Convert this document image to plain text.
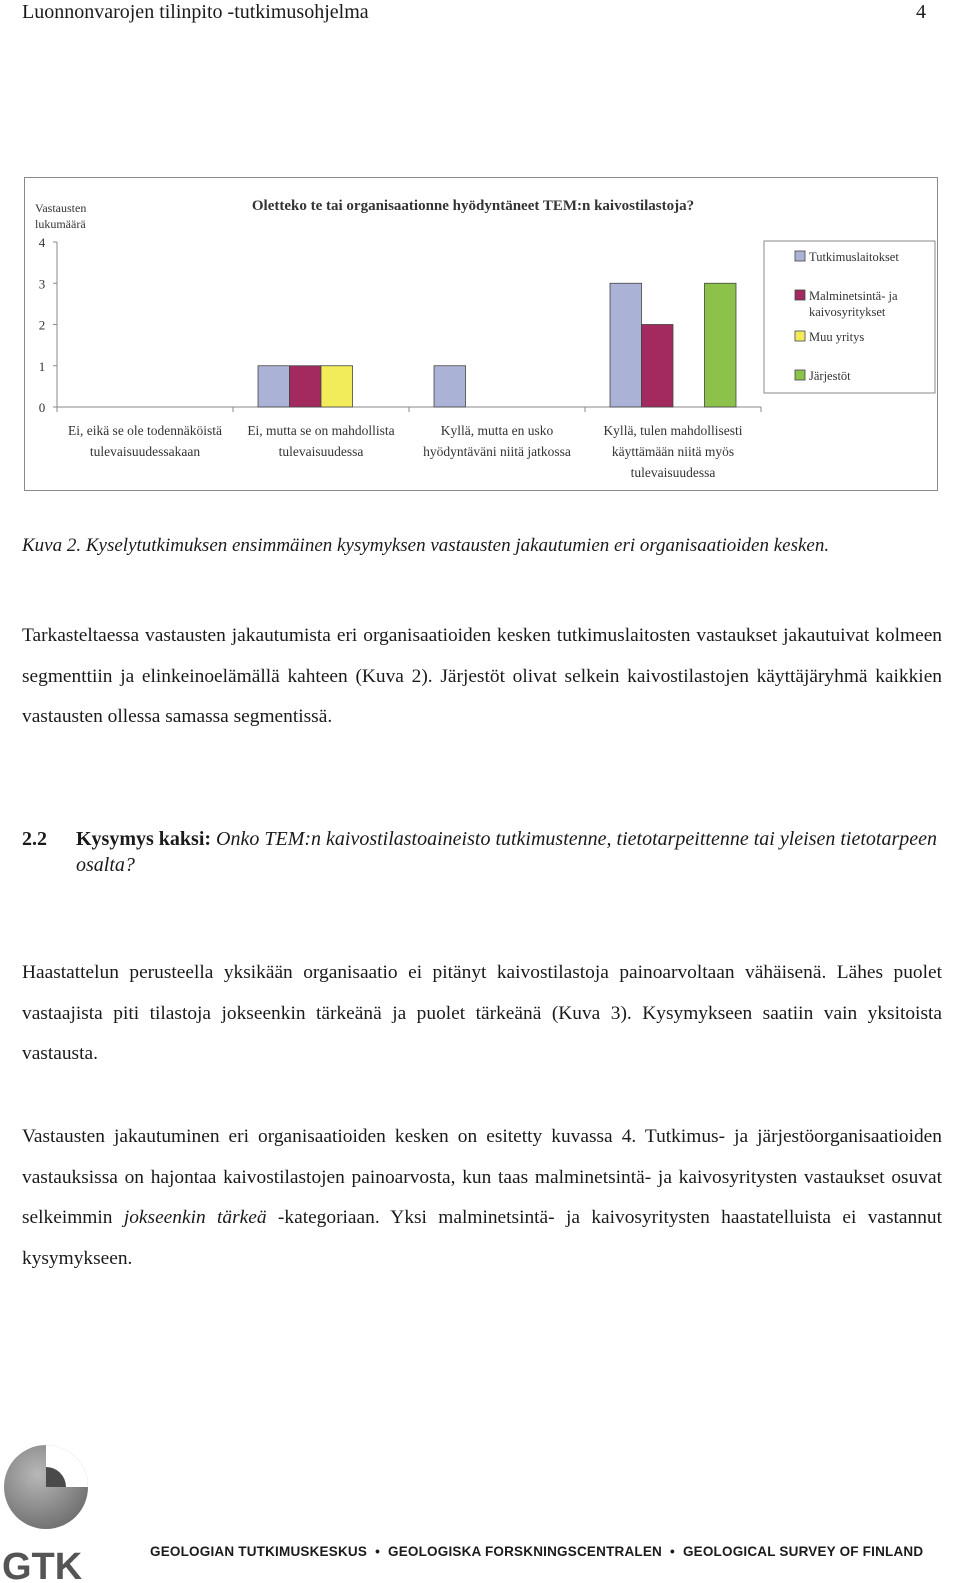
Luonnonvarojen tilinpito -tutkimusohjelma	4
Oletteko te tai organisaationne hyödyntäneet TEM:n kaivostilastoja?
Vastausten
lukumäärä
0
1
2
3
4
Ei, eikä se ole todennäköistä
tulevaisuudessakaan
Ei, mutta se on mahdollista
tulevaisuudessa
Kyllä, mutta en usko
hyödyntäväni niitä jatkossa
Kyllä, tulen mahdollisesti
käyttämään niitä myös
tulevaisuudessa
Tutkimuslaitokset
Malminetsintä- ja
kaivosyritykset
Muu yritys
Järjestöt
Kuva 2. Kyselytutkimuksen ensimmäinen kysymyksen vastausten jakautumien eri organisaatioiden kesken.

Tarkasteltaessa vastausten jakautumista eri organisaatioiden kesken tutkimuslaitosten vastaukset jakautuivat kolmeen segmenttiin ja elinkeinoelämällä kahteen (Kuva 2). Järjestöt olivat selkein kaivostilastojen käyttäjäryhmä kaikkien vastausten ollessa samassa segmentissä.

2.2 Kysymys kaksi: Onko TEM:n kaivostilastoaineisto tutkimustenne, tietotarpeittenne tai yleisen tietotarpeen osalta?

Haastattelun perusteella yksikään organisaatio ei pitänyt kaivostilastoja painoarvoltaan vähäisenä. Lähes puolet vastaajista piti tilastoja jokseenkin tärkeänä ja puolet tärkeänä (Kuva 3). Kysymykseen saatiin vain yksitoista vastausta.

Vastausten jakautuminen eri organisaatioiden kesken on esitetty kuvassa 4. Tutkimus- ja järjestöorganisaatioiden vastauksissa on hajontaa kaivostilastojen painoarvosta, kun taas malminetsintä- ja kaivosyritysten vastaukset osuvat selkeimmin jokseenkin tärkeä -kategoriaan. Yksi malminetsintä- ja kaivosyritysten haastatelluista ei vastannut kysymykseen.

GTK	GEOLOGIAN TUTKIMUSKESKUS • GEOLOGISKA FORSKNINGSCENTRALEN • GEOLOGICAL SURVEY OF FINLAND
